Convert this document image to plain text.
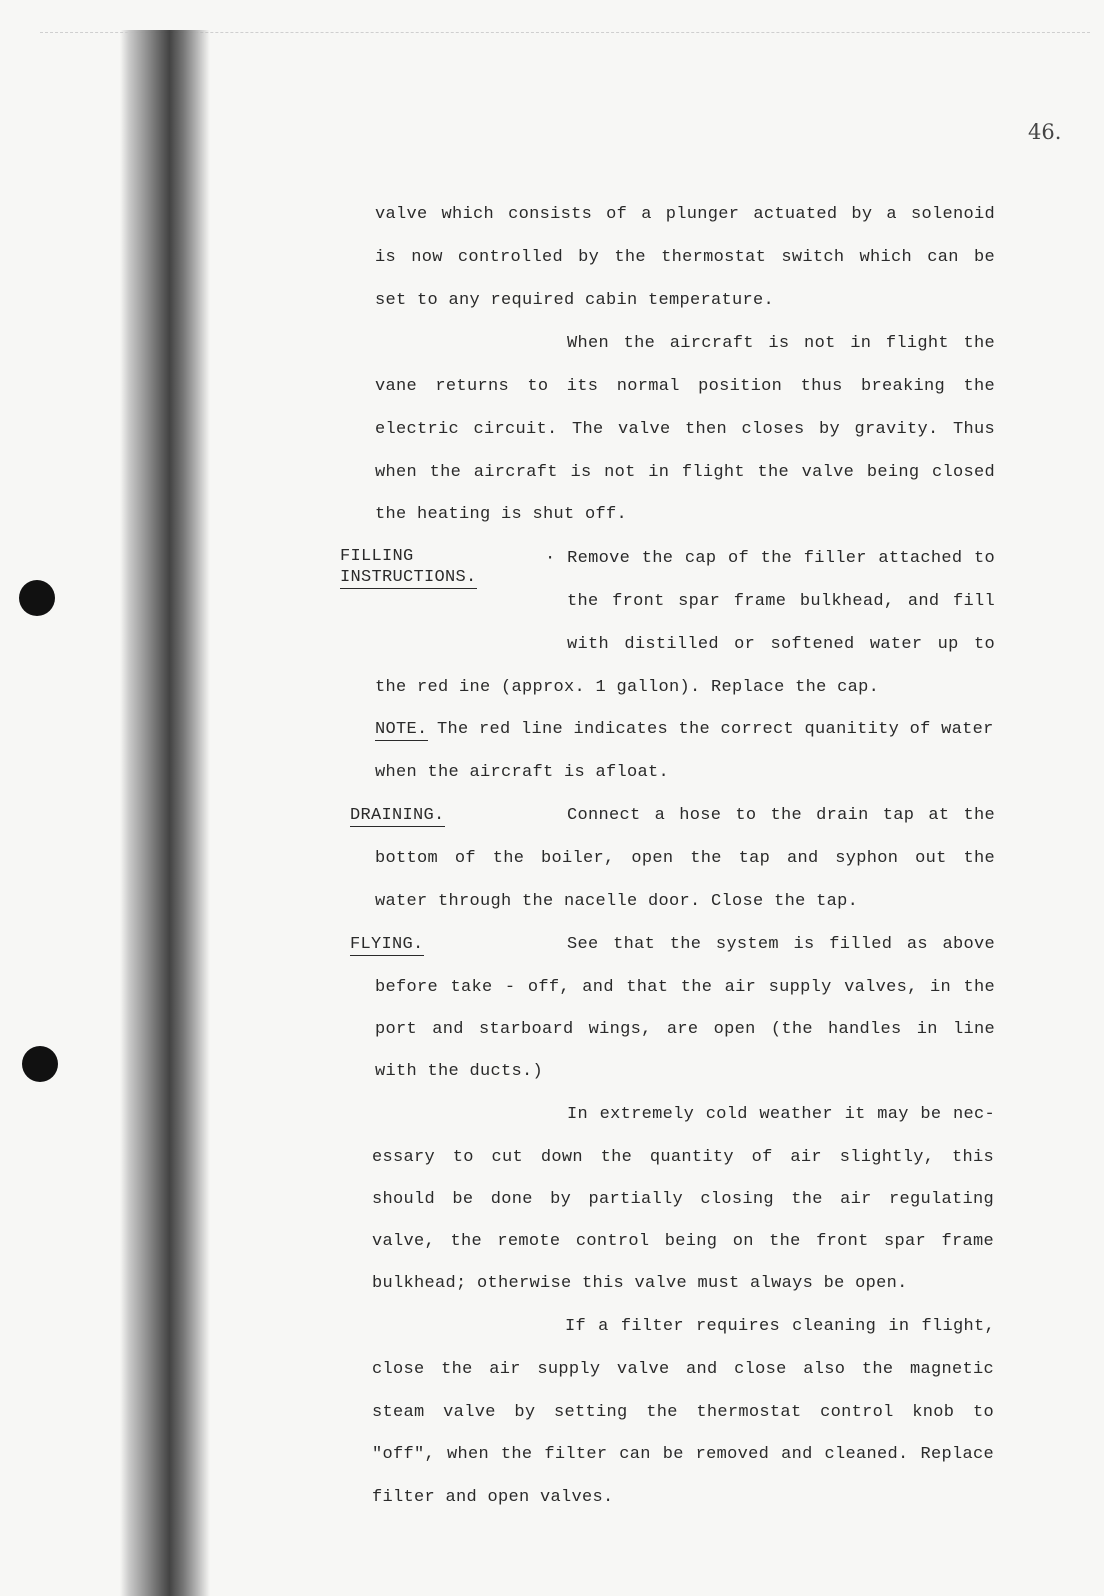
46.
valve which consists of a plunger actuated by a solenoid
is now controlled by the thermostat switch which can be
set to any required cabin temperature.
When the aircraft is not in flight the
vane returns to its normal position thus breaking the
electric circuit. The valve then closes by gravity. Thus
when the aircraft is not in flight the valve being closed
the heating is shut off.
FILLING
INSTRUCTIONS.
· Remove the cap of the filler attached to
the front spar frame bulkhead, and fill
with distilled or softened water up to
the red ine (approx. 1 gallon). Replace the cap.
NOTE. The red line indicates the correct quanitity of water
when the aircraft is afloat.
DRAINING.	Connect a hose to the drain tap at the
bottom of the boiler, open the tap and syphon out the
water through the nacelle door. Close the tap.
FLYING.	See that the system is filled as above
before take - off, and that the air supply valves, in the
port and starboard wings, are open (the handles in line
with the ducts.)
In extremely cold weather it may be nec-
essary to cut down the quantity of air slightly, this
should be done by partially closing the air regulating
valve, the remote control being on the front spar frame
bulkhead; otherwise this valve must always be open.
If a filter requires cleaning in flight,
close the air supply valve and close also the magnetic
steam valve by setting the thermostat control knob to
"off", when the filter can be removed and cleaned. Replace
filter and open valves.
